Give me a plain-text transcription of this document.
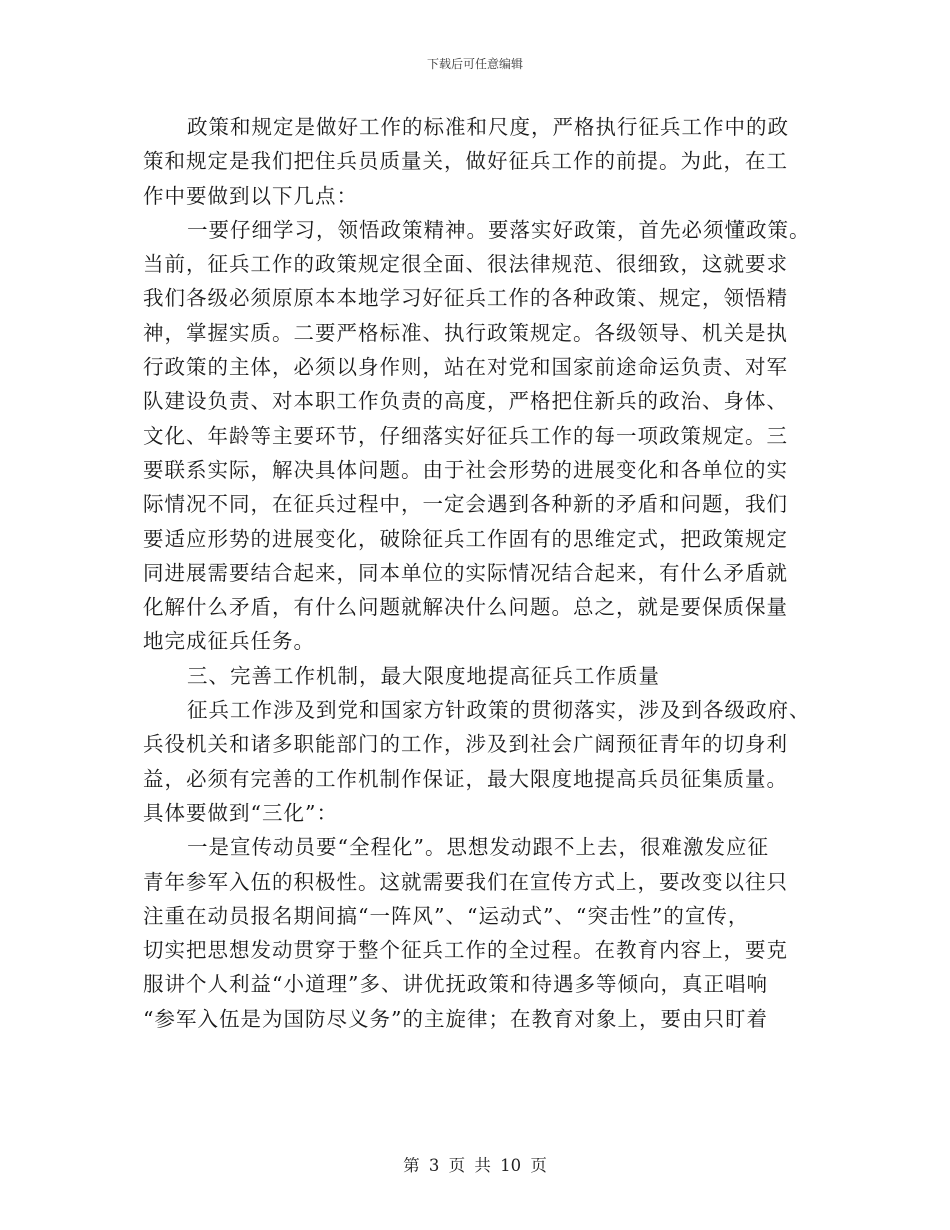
下载后可任意编辑
政策和规定是做好工作的标准和尺度，严格执行征兵工作中的政
策和规定是我们把住兵员质量关，做好征兵工作的前提。为此，在工
作中要做到以下几点：
一要仔细学习，领悟政策精神。要落实好政策，首先必须懂政策。
当前，征兵工作的政策规定很全面、很法律规范、很细致，这就要求
我们各级必须原原本本地学习好征兵工作的各种政策、规定，领悟精
神，掌握实质。二要严格标准、执行政策规定。各级领导、机关是执
行政策的主体，必须以身作则，站在对党和国家前途命运负责、对军
队建设负责、对本职工作负责的高度，严格把住新兵的政治、身体、
文化、年龄等主要环节，仔细落实好征兵工作的每一项政策规定。三
要联系实际，解决具体问题。由于社会形势的进展变化和各单位的实
际情况不同，在征兵过程中，一定会遇到各种新的矛盾和问题，我们
要适应形势的进展变化，破除征兵工作固有的思维定式，把政策规定
同进展需要结合起来，同本单位的实际情况结合起来，有什么矛盾就
化解什么矛盾，有什么问题就解决什么问题。总之，就是要保质保量
地完成征兵任务。
三、完善工作机制，最大限度地提高征兵工作质量
征兵工作涉及到党和国家方针政策的贯彻落实，涉及到各级政府、
兵役机关和诸多职能部门的工作，涉及到社会广阔预征青年的切身利
益，必须有完善的工作机制作保证，最大限度地提高兵员征集质量。
具体要做到“三化”：
一是宣传动员要“全程化”。思想发动跟不上去，很难激发应征
青年参军入伍的积极性。这就需要我们在宣传方式上，要改变以往只
注重在动员报名期间搞“一阵风”、“运动式”、“突击性”的宣传，
切实把思想发动贯穿于整个征兵工作的全过程。在教育内容上，要克
服讲个人利益“小道理”多、讲优抚政策和待遇多等倾向，真正唱响
“参军入伍是为国防尽义务”的主旋律；在教育对象上，要由只盯着
第 3 页 共 10 页
